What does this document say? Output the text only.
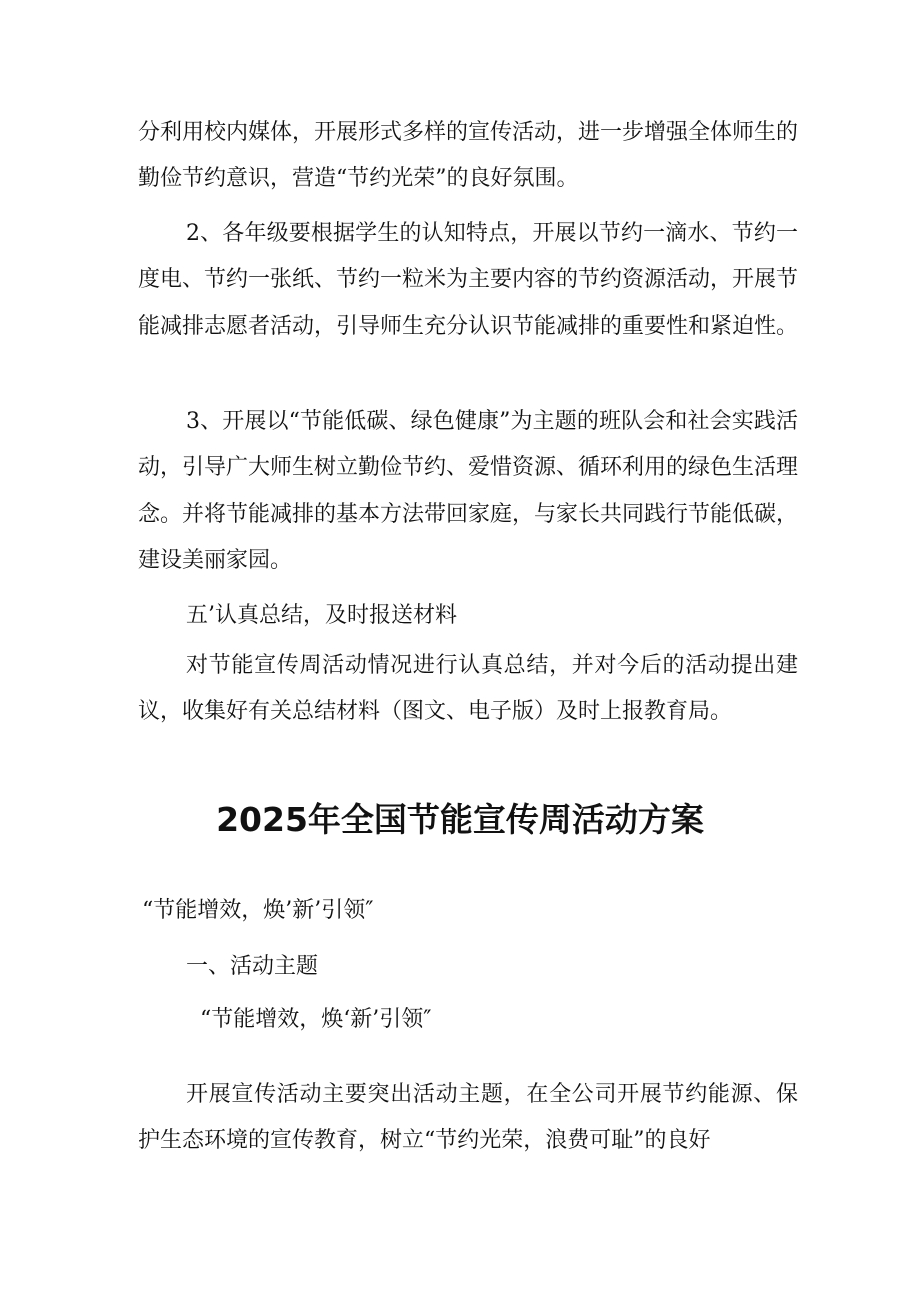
分利用校内媒体，开展形式多样的宣传活动，进一步增强全体师生的勤俭节约意识，营造“节约光荣”的良好氛围。

2、各年级要根据学生的认知特点，开展以节约一滴水、节约一度电、节约一张纸、节约一粒米为主要内容的节约资源活动，开展节能减排志愿者活动，引导师生充分认识节能减排的重要性和紧迫性。

3、开展以“节能低碳、绿色健康”为主题的班队会和社会实践活动，引导广大师生树立勤俭节约、爱惜资源、循环利用的绿色生活理念。并将节能减排的基本方法带回家庭，与家长共同践行节能低碳，建设美丽家园。

五’认真总结，及时报送材料

对节能宣传周活动情况进行认真总结，并对今后的活动提出建议，收集好有关总结材料（图文、电子版）及时上报教育局。

2025年全国节能宣传周活动方案

“节能增效，焕’新’引领″

一、活动主题

“节能增效，焕‘新’引领″

开展宣传活动主要突出活动主题，在全公司开展节约能源、保护生态环境的宣传教育，树立“节约光荣，浪费可耻”的良好
